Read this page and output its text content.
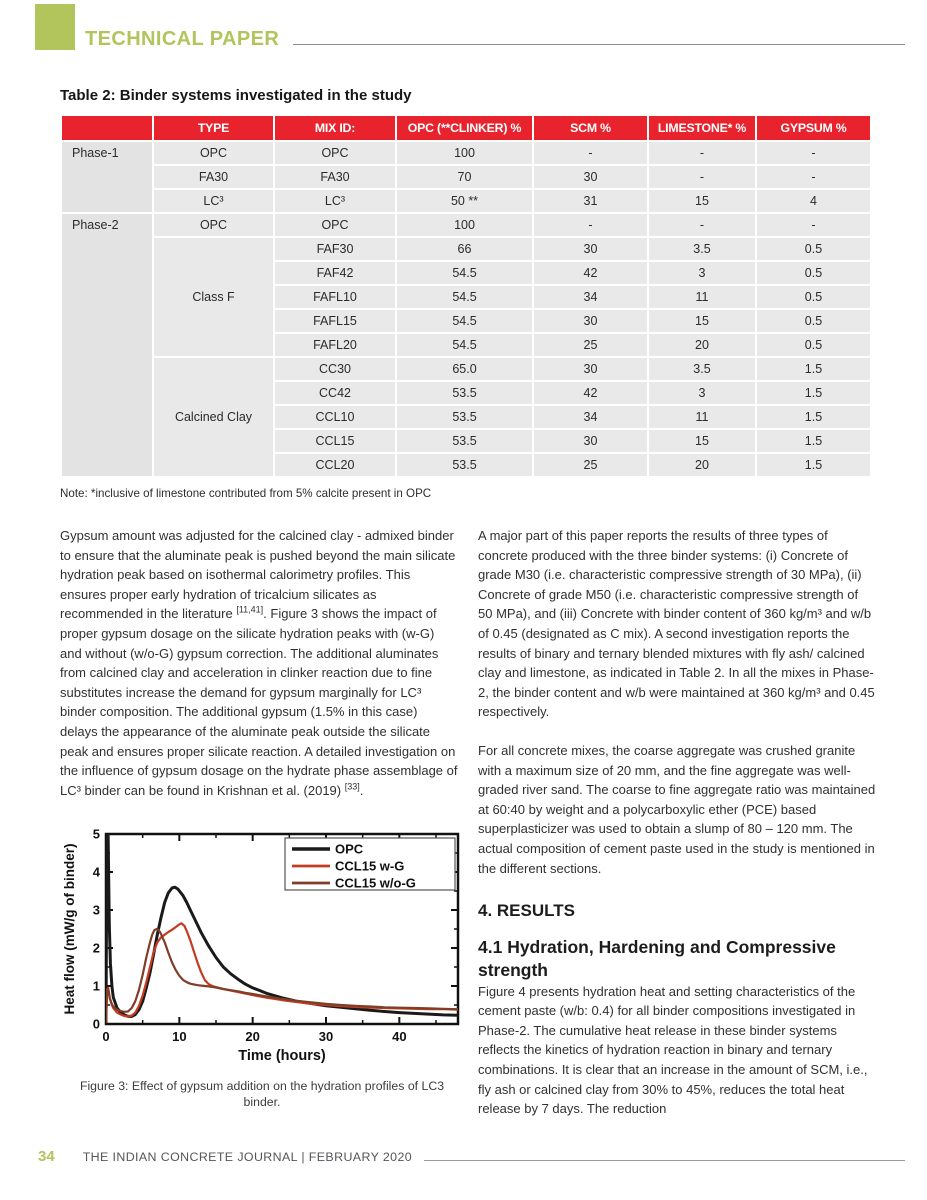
TECHNICAL PAPER
Table 2: Binder systems investigated in the study
	TYPE	MIX ID:	OPC (**CLINKER) %	SCM %	LIMESTONE* %	GYPSUM %
Phase-1	OPC	OPC	100	-	-	-
	FA30	FA30	70	30	-	-
	LC³	LC³	50 **	31	15	4
Phase-2	OPC	OPC	100	-	-	-
	Class F	FAF30	66	30	3.5	0.5
		FAF42	54.5	42	3	0.5
		FAFL10	54.5	34	11	0.5
		FAFL15	54.5	30	15	0.5
		FAFL20	54.5	25	20	0.5
	Calcined Clay	CC30	65.0	30	3.5	1.5
		CC42	53.5	42	3	1.5
		CCL10	53.5	34	11	1.5
		CCL15	53.5	30	15	1.5
		CCL20	53.5	25	20	1.5
Note: *inclusive of limestone contributed from 5% calcite present in OPC

Gypsum amount was adjusted for the calcined clay - admixed binder to ensure that the aluminate peak is pushed beyond the main silicate hydration peak based on isothermal calorimetry profiles. This ensures proper early hydration of tricalcium silicates as recommended in the literature [11,41]. Figure 3 shows the impact of proper gypsum dosage on the silicate hydration peaks with (w-G) and without (w/o-G) gypsum correction. The additional aluminates from calcined clay and acceleration in clinker reaction due to fine substitutes increase the demand for gypsum marginally for LC³ binder composition. The additional gypsum (1.5% in this case) delays the appearance of the aluminate peak outside the silicate peak and ensures proper silicate reaction. A detailed investigation on the influence of gypsum dosage on the hydrate phase assemblage of LC³ binder can be found in Krishnan et al. (2019) [33].

A major part of this paper reports the results of three types of concrete produced with the three binder systems: (i) Concrete of grade M30 (i.e. characteristic compressive strength of 30 MPa), (ii) Concrete of grade M50 (i.e. characteristic compressive strength of 50 MPa), and (iii) Concrete with binder content of 360 kg/m³ and w/b of 0.45 (designated as C mix). A second investigation reports the results of binary and ternary blended mixtures with fly ash/ calcined clay and limestone, as indicated in Table 2. In all the mixes in Phase-2, the binder content and w/b were maintained at 360 kg/m³ and 0.45 respectively.

For all concrete mixes, the coarse aggregate was crushed granite with a maximum size of 20 mm, and the fine aggregate was well-graded river sand. The coarse to fine aggregate ratio was maintained at 60:40 by weight and a polycarboxylic ether (PCE) based superplasticizer was used to obtain a slump of 80 – 120 mm. The actual composition of cement paste used in the study is mentioned in the different sections.

4. RESULTS
4.1 Hydration, Hardening and Compressive strength

Figure 4 presents hydration heat and setting characteristics of the cement paste (w/b: 0.4) for all binder compositions investigated in Phase-2. The cumulative heat release in these binder systems reflects the kinetics of hydration reaction in binary and ternary combinations. It is clear that an increase in the amount of SCM, i.e., fly ash or calcined clay from 30% to 45%, reduces the total heat release by 7 days. The reduction

0	10	20	30	40
0
1
2
3
4
5
Time (hours)
Heat flow (mW/g of binder)	OPC
CCL15 w-G
CCL15 w/o-G
Figure 3: Effect of gypsum addition on the hydration profiles of LC3 binder.
34 THE INDIAN CONCRETE JOURNAL | FEBRUARY 2020
